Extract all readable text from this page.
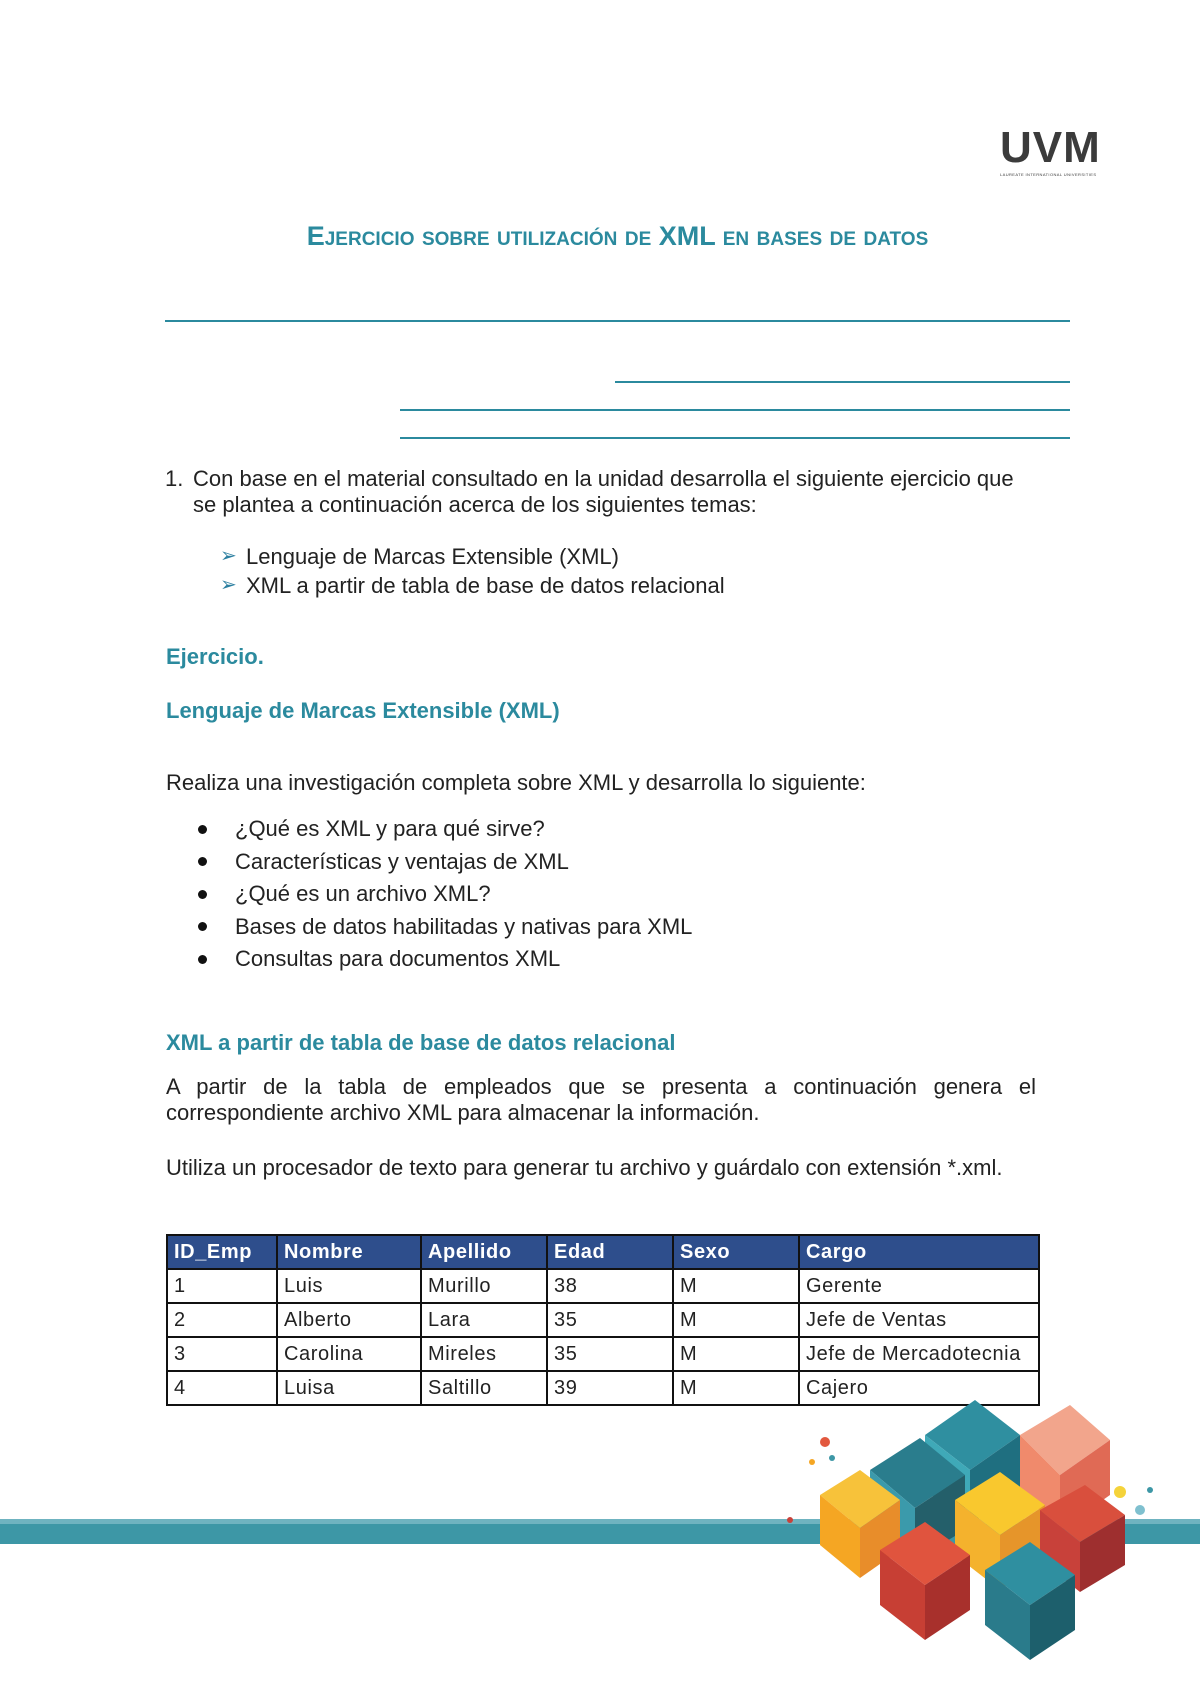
UVM
LAUREATE INTERNATIONAL UNIVERSITIES
Ejercicio sobre utilización de XML en bases de datos
1. Con base en el material consultado en la unidad desarrolla el siguiente ejercicio que
se plantea a continuación acerca de los siguientes temas:
➢ Lenguaje de Marcas Extensible (XML)
➢ XML a partir de tabla de base de datos relacional
Ejercicio.
Lenguaje de Marcas Extensible (XML)
Realiza una investigación completa sobre XML y desarrolla lo siguiente:
¿Qué es XML y para qué sirve?
Características y ventajas de XML
¿Qué es un archivo XML?
Bases de datos habilitadas y nativas para XML
Consultas para documentos XML
XML a partir de tabla de base de datos relacional
A partir de la tabla de empleados que se presenta a continuación genera el correspondiente archivo XML para almacenar la información.
Utiliza un procesador de texto para generar tu archivo y guárdalo con extensión *.xml.
ID_Emp	Nombre	Apellido	Edad	Sexo	Cargo
1	Luis	Murillo	38	M	Gerente
2	Alberto	Lara	35	M	Jefe de Ventas
3	Carolina	Mireles	35	M	Jefe de Mercadotecnia
4	Luisa	Saltillo	39	M	Cajero
